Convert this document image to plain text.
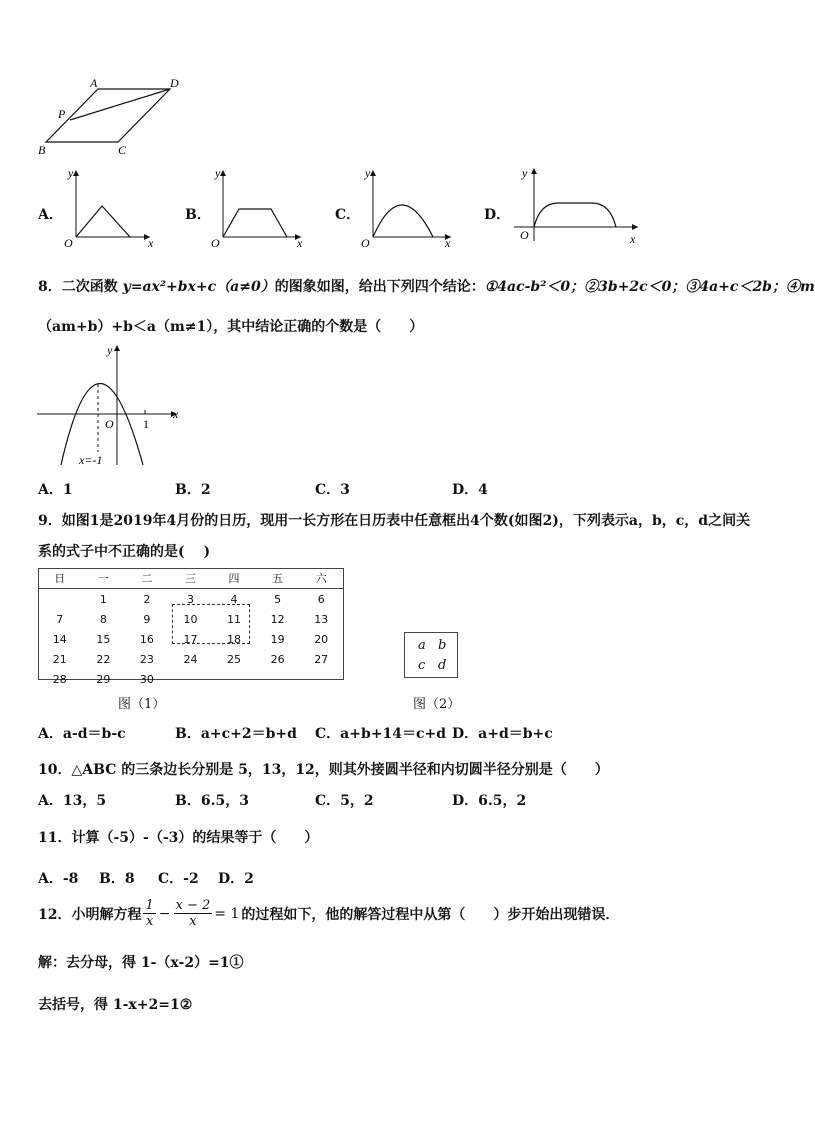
A	D
P
B	C
A．
y
x
O
B．
y
x
O
C．
y
x
O
D．
y
x
O
8．二次函数 y=ax²+bx+c（a≠0）的图象如图，给出下列四个结论：①4ac-b²＜0；②3b+2c＜0；③4a+c＜2b；④m
（am+b）+b＜a（m≠1），其中结论正确的个数是（　　）
y
x
O 1
x=-1
A．1	B．2	C．3	D．4
9．如图1是2019年4月份的日历，现用一长方形在日历表中任意框出4个数(如图2)，下列表示a，b，c，d之间关
系的式子中不正确的是(　 )
日	一	二	三	四	五	六
	1	2	3	4	5	6
7	8	9	10	11	12	13
14	15	16	17	18	19	20
21	22	23	24	25	26	27
28	29	30				
a b
c d
图（1）	图（2）
A．a-d＝b-c	B．a+c+2＝b+d C．a+b+14＝c+d D．a+d＝b+c
10．△ABC 的三条边长分别是 5，13，12，则其外接圆半径和内切圆半径分别是（　　）
A．13，5	B．6.5，3	C．5，2	D．6.5，2
11．计算（-5）-（-3）的结果等于（　　）
A．-8 B．8 C．-2 D．2
12．小明解方程 $\frac{1}{x} - \frac{x - 2}{x} = 1$ 的过程如下，他的解答过程中从第（　　）步开始出现错误．
解：去分母，得 1-（x-2）=1①
去括号，得 1-x+2=1②
